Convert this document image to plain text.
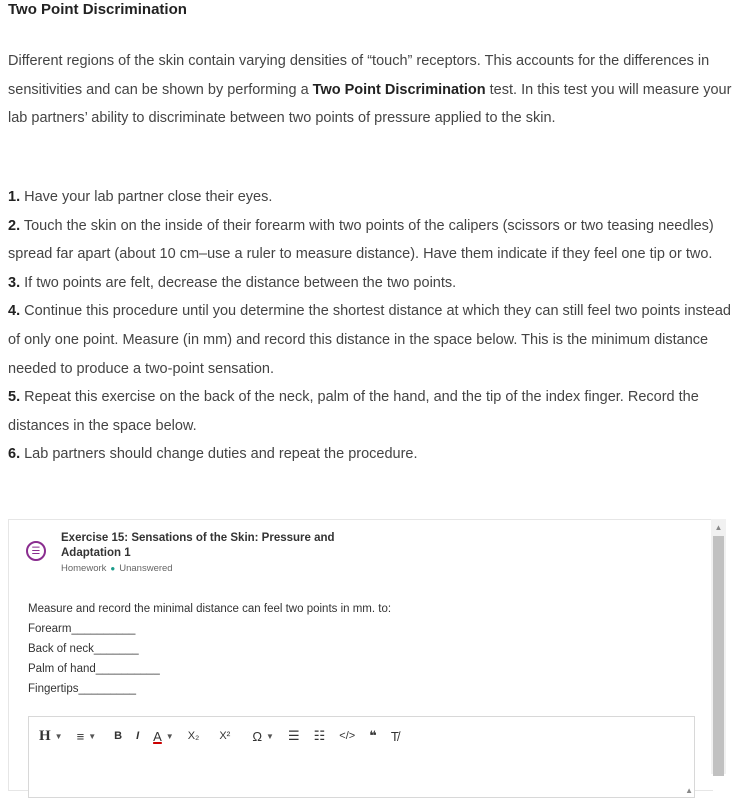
Two Point Discrimination
Different regions of the skin contain varying densities of “touch” receptors. This accounts for the differences in sensitivities and can be shown by performing a Two Point Discrimination test. In this test you will measure your lab partners’ ability to discriminate between two points of pressure applied to the skin.
1. Have your lab partner close their eyes.
2. Touch the skin on the inside of their forearm with two points of the calipers (scissors or two teasing needles) spread far apart (about 10 cm–use a ruler to measure distance). Have them indicate if they feel one tip or two.
3. If two points are felt, decrease the distance between the two points.
4. Continue this procedure until you determine the shortest distance at which they can still feel two points instead of only one point. Measure (in mm) and record this distance in the space below. This is the minimum distance needed to produce a two-point sensation.
5. Repeat this exercise on the back of the neck, palm of the hand, and the tip of the index finger. Record the distances in the space below.
6. Lab partners should change duties and repeat the procedure.
☰
Exercise 15: Sensations of the Skin: Pressure and Adaptation 1
Homework ● Unanswered
Measure and record the minimal distance can feel two points in mm. to:
Forearm__________
Back of neck_______
Palm of hand__________
Fingertips_________
H ▼ ≡ ▼ B I A ▼ X₂ X² Ω ▼ ☰ ☷ </> ❝ T̸
▲
▲
